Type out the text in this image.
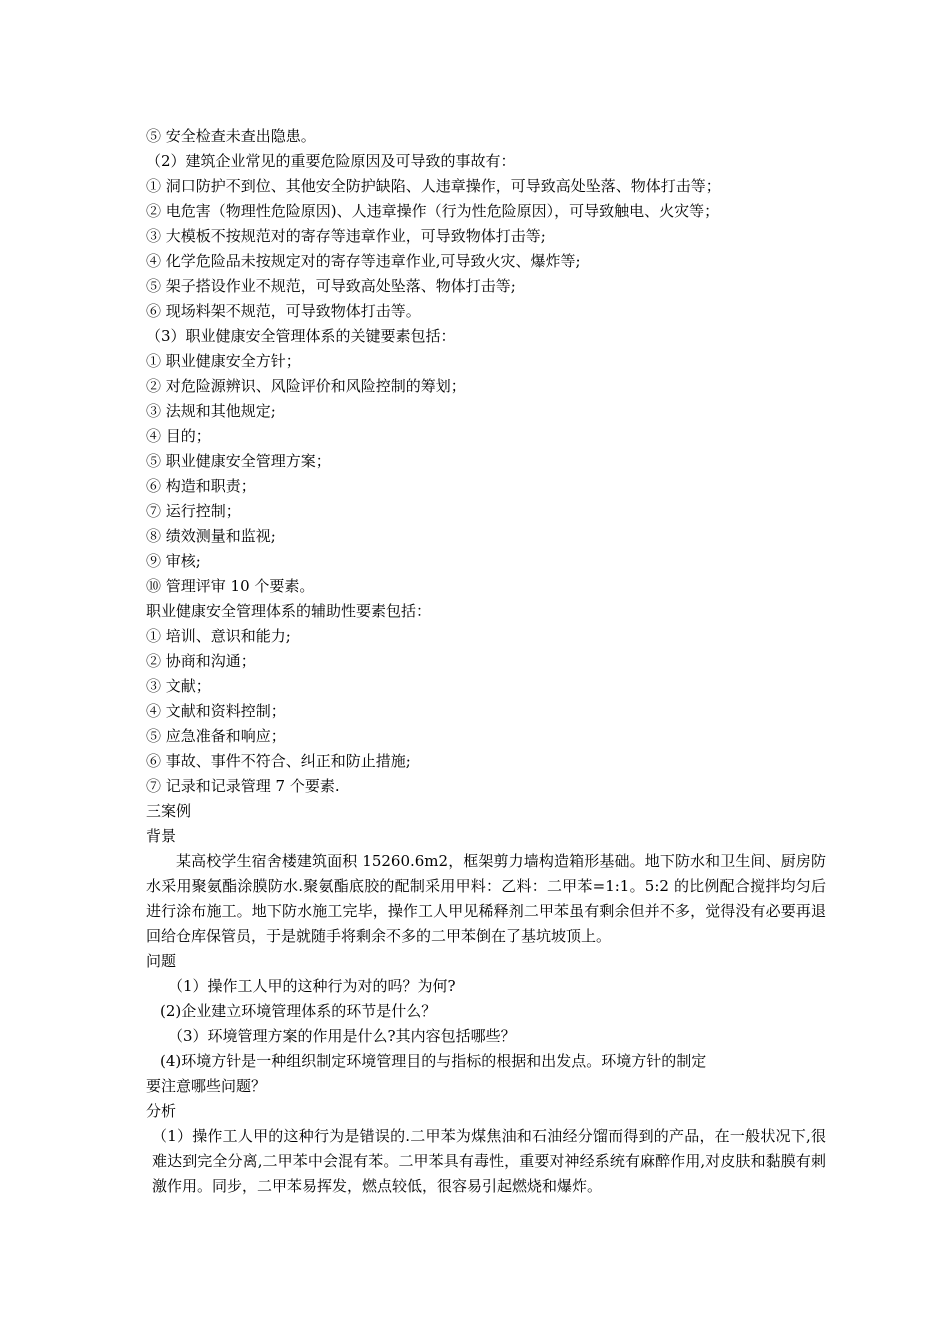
⑤ 安全检查未查出隐患。
（2）建筑企业常见的重要危险原因及可导致的事故有：
① 洞口防护不到位、其他安全防护缺陷、人违章操作，可导致高处坠落、物体打击等；
② 电危害（物理性危险原因)、人违章操作（行为性危险原因），可导致触电、火灾等；
③ 大模板不按规范对的寄存等违章作业，可导致物体打击等;
④ 化学危险品未按规定对的寄存等违章作业,可导致火灾、爆炸等;
⑤ 架子搭设作业不规范，可导致高处坠落、物体打击等;
⑥ 现场料架不规范，可导致物体打击等。
（3）职业健康安全管理体系的关键要素包括：
① 职业健康安全方针；
② 对危险源辨识、风险评价和风险控制的筹划；
③ 法规和其他规定;
④ 目的；
⑤ 职业健康安全管理方案；
⑥ 构造和职责；
⑦ 运行控制；
⑧ 绩效测量和监视;
⑨ 审核;
⑩ 管理评审 10 个要素。
职业健康安全管理体系的辅助性要素包括：
① 培训、意识和能力;
② 协商和沟通；
③ 文献；
④ 文献和资料控制；
⑤ 应急准备和响应；
⑥ 事故、事件不符合、纠正和防止措施;
⑦ 记录和记录管理 7 个要素.
三案例
背景
某高校学生宿舍楼建筑面积 15260.6m2，框架剪力墙构造箱形基础。地下防水和卫生间、厨房防水采用聚氨酯涂膜防水.聚氨酯底胶的配制采用甲料：乙料：二甲苯=1:1。5:2 的比例配合搅拌均匀后进行涂布施工。地下防水施工完毕，操作工人甲见稀释剂二甲苯虽有剩余但并不多，觉得没有必要再退回给仓库保管员，于是就随手将剩余不多的二甲苯倒在了基坑坡顶上。
问题
（1）操作工人甲的这种行为对的吗？为何?
(2)企业建立环境管理体系的环节是什么？
（3）环境管理方案的作用是什么?其内容包括哪些？
(4)环境方针是一种组织制定环境管理目的与指标的根据和出发点。环境方针的制定
要注意哪些问题？
分析
（1）操作工人甲的这种行为是错误的.二甲苯为煤焦油和石油经分馏而得到的产品，在一般状况下,很难达到完全分离,二甲苯中会混有苯。二甲苯具有毒性，重要对神经系统有麻醉作用,对皮肤和黏膜有刺激作用。同步，二甲苯易挥发，燃点较低，很容易引起燃烧和爆炸。
